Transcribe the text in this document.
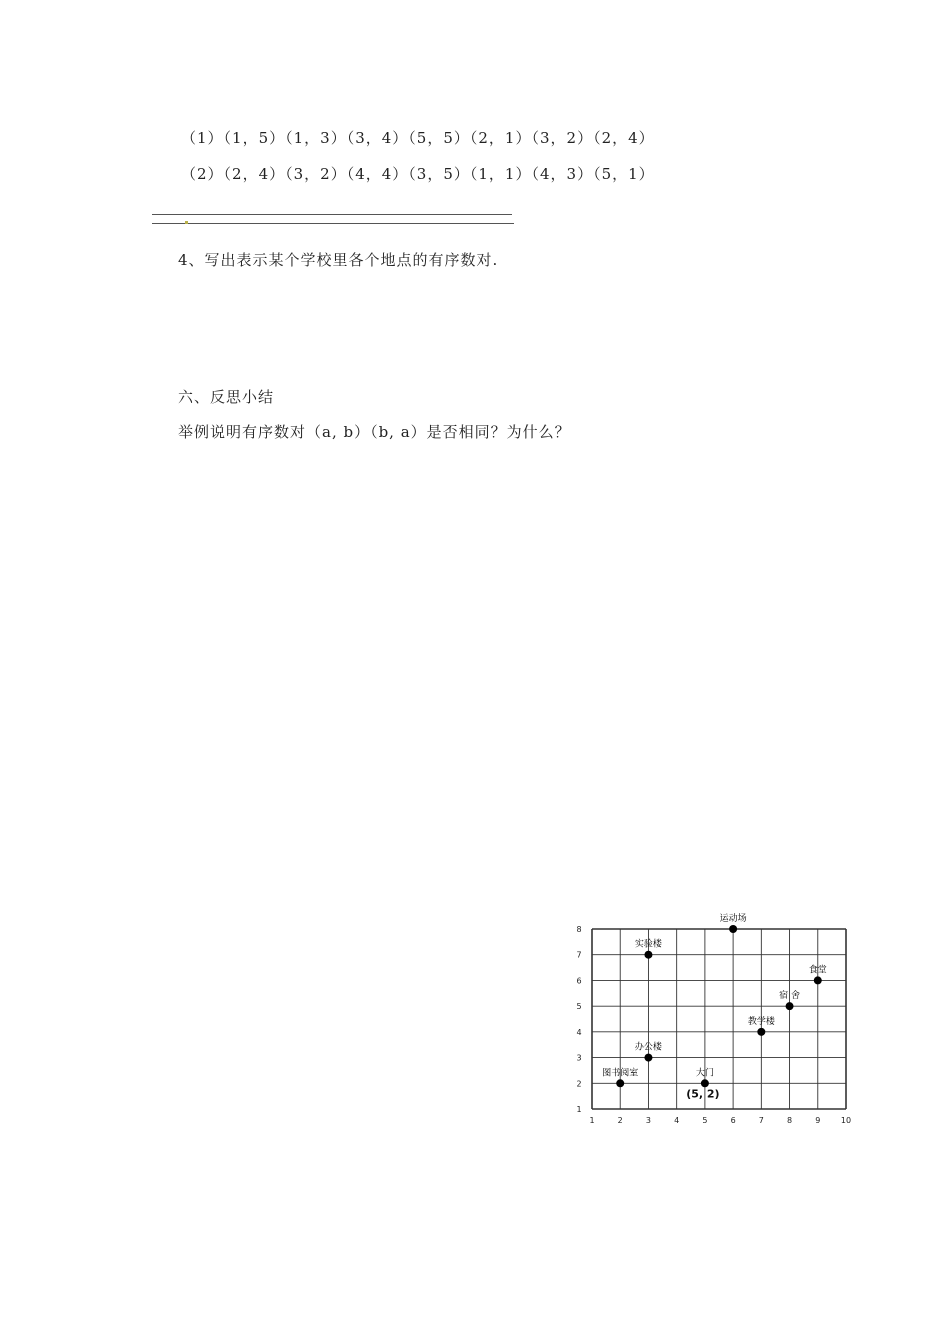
（1）（1，5）（1，3）（3，4）（5，5）（2，1）（3，2）（2，4）
（2）（2，4）（3，2）（4，4）（3，5）（1，1）（4，3）（5，1）
4、写出表示某个学校里各个地点的有序数对.
六、反思小结
举例说明有序数对（a, b）（b, a）是否相同？为什么？
1
2
3
4
5
6
7
8
1	2	3	4	5	6	7	8	9	10
实验楼
运动场
食堂
宿 舍
教学楼
办公楼
图书阅室	大门
(5, 2)
